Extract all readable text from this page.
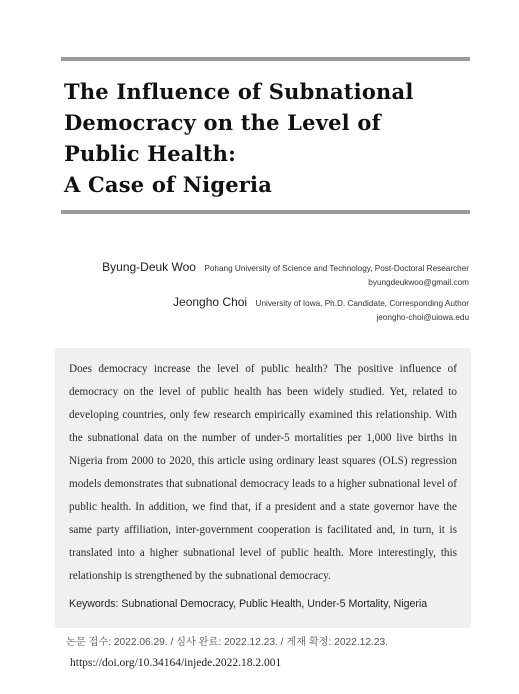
The Influence of Subnational
Democracy on the Level of
Public Health:
A Case of Nigeria
Byung-Deuk Woo Pohang University of Science and Technology, Post-Doctoral Researcher
byungdeukwoo@gmail.com
Jeongho Choi University of Iowa, Ph.D. Candidate, Corresponding Author
jeongho-choi@uiowa.edu

Does democracy increase the level of public health? The positive influence of democracy on the level of public health has been widely studied. Yet, related to developing countries, only few research empirically examined this relationship. With the subnational data on the number of under-5 mortalities per 1,000 live births in Nigeria from 2000 to 2020, this article using ordinary least squares (OLS) regression models demonstrates that subnational democracy leads to a higher subnational level of public health. In addition, we find that, if a president and a state governor have the same party affiliation, inter-government cooperation is facilitated and, in turn, it is translated into a higher subnational level of public health. More interestingly, this relationship is strengthened by the subnational democracy.

Keywords: Subnational Democracy, Public Health, Under-5 Mortality, Nigeria

논문 접수: 2022.06.29. / 심사 완료: 2022.12.23. / 게재 확정: 2022.12.23.

https://doi.org/10.34164/injede.2022.18.2.001
